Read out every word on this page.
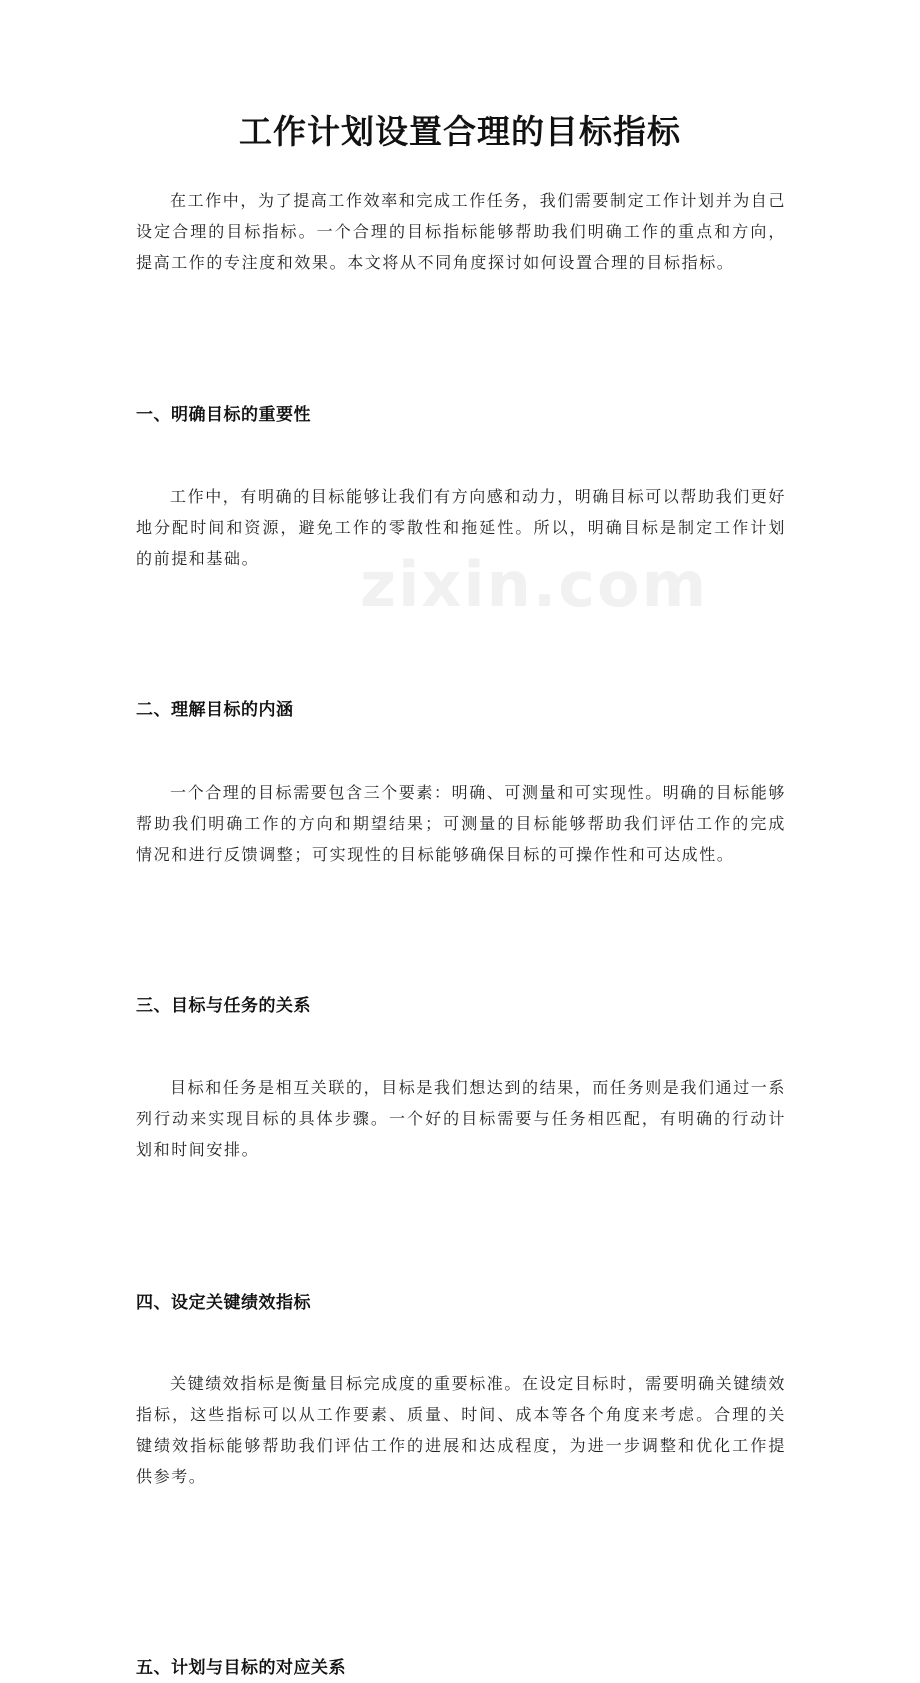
zixin.com
工作计划设置合理的目标指标

在工作中，为了提高工作效率和完成工作任务，我们需要制定工作计划并为自己设定合理的目标指标。一个合理的目标指标能够帮助我们明确工作的重点和方向，提高工作的专注度和效果。本文将从不同角度探讨如何设置合理的目标指标。

一、明确目标的重要性

工作中，有明确的目标能够让我们有方向感和动力，明确目标可以帮助我们更好地分配时间和资源，避免工作的零散性和拖延性。所以，明确目标是制定工作计划的前提和基础。

二、理解目标的内涵

一个合理的目标需要包含三个要素：明确、可测量和可实现性。明确的目标能够帮助我们明确工作的方向和期望结果；可测量的目标能够帮助我们评估工作的完成情况和进行反馈调整；可实现性的目标能够确保目标的可操作性和可达成性。

三、目标与任务的关系

目标和任务是相互关联的，目标是我们想达到的结果，而任务则是我们通过一系列行动来实现目标的具体步骤。一个好的目标需要与任务相匹配，有明确的行动计划和时间安排。

四、设定关键绩效指标

关键绩效指标是衡量目标完成度的重要标准。在设定目标时，需要明确关键绩效指标，这些指标可以从工作要素、质量、时间、成本等各个角度来考虑。合理的关键绩效指标能够帮助我们评估工作的进展和达成程度，为进一步调整和优化工作提供参考。

五、计划与目标的对应关系
